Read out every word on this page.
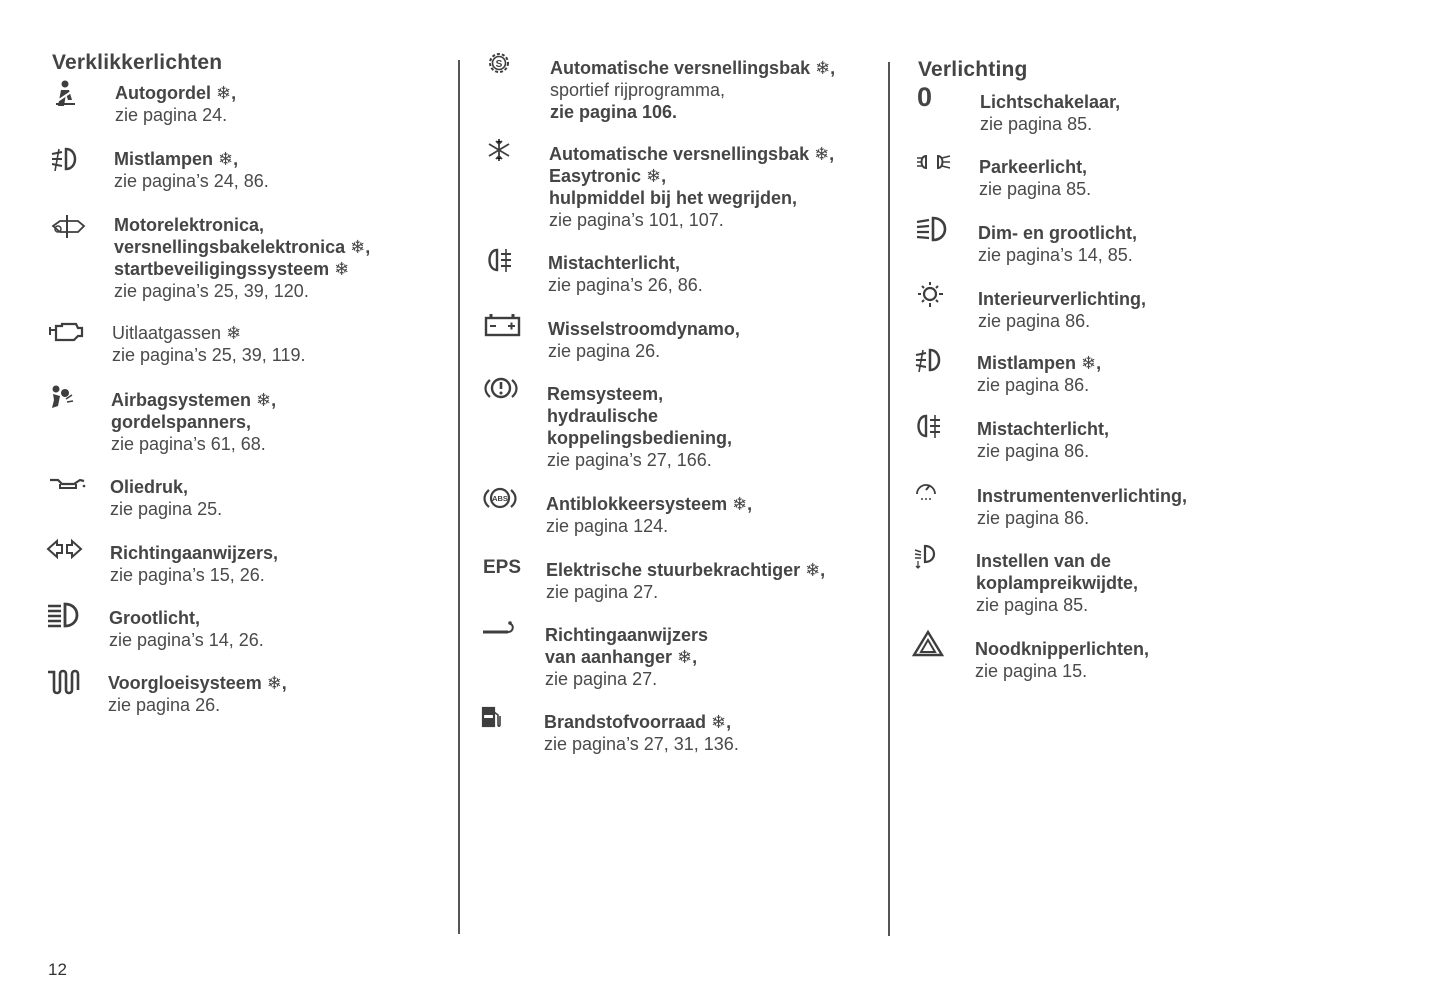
Verklikkerlichten
Autogordel ❄,
zie pagina 24.
Mistlampen ❄,
zie pagina’s 24, 86.
Motorelektronica,
versnellingsbakelektronica ❄,
startbeveiligingssysteem ❄
zie pagina’s 25, 39, 120.
Uitlaatgassen ❄
zie pagina’s 25, 39, 119.
Airbagsystemen ❄,
gordelspanners,
zie pagina’s 61, 68.
Oliedruk,
zie pagina 25.
Richtingaanwijzers,
zie pagina’s 15, 26.
Grootlicht,
zie pagina’s 14, 26.
Voorgloeisysteem ❄,
zie pagina 26.
S	Automatische versnellingsbak ❄,
sportief rijprogramma,
zie pagina 106.
Automatische versnellingsbak ❄,
Easytronic ❄,
hulpmiddel bij het wegrijden,
zie pagina’s 101, 107.
Mistachterlicht,
zie pagina’s 26, 86.
Wisselstroomdynamo,
zie pagina 26.
Remsysteem,
hydraulische
koppelingsbediening,
zie pagina’s 27, 166.
ABS Antiblokkeersysteem ❄,
zie pagina 124.
EPS	Elektrische stuurbekrachtiger ❄,
zie pagina 27.
Richtingaanwijzers
van aanhanger ❄,
zie pagina 27.
Brandstofvoorraad ❄,
zie pagina’s 27, 31, 136.
Verlichting
0	Lichtschakelaar,
zie pagina 85.
Parkeerlicht,
zie pagina 85.
Dim- en grootlicht,
zie pagina’s 14, 85.
Interieurverlichting,
zie pagina 86.
Mistlampen ❄,
zie pagina 86.
Mistachterlicht,
zie pagina 86.
Instrumentenverlichting,
zie pagina 86.
Instellen van de
koplampreikwijdte,
zie pagina 85.
Noodknipperlichten,
zie pagina 15.
12
